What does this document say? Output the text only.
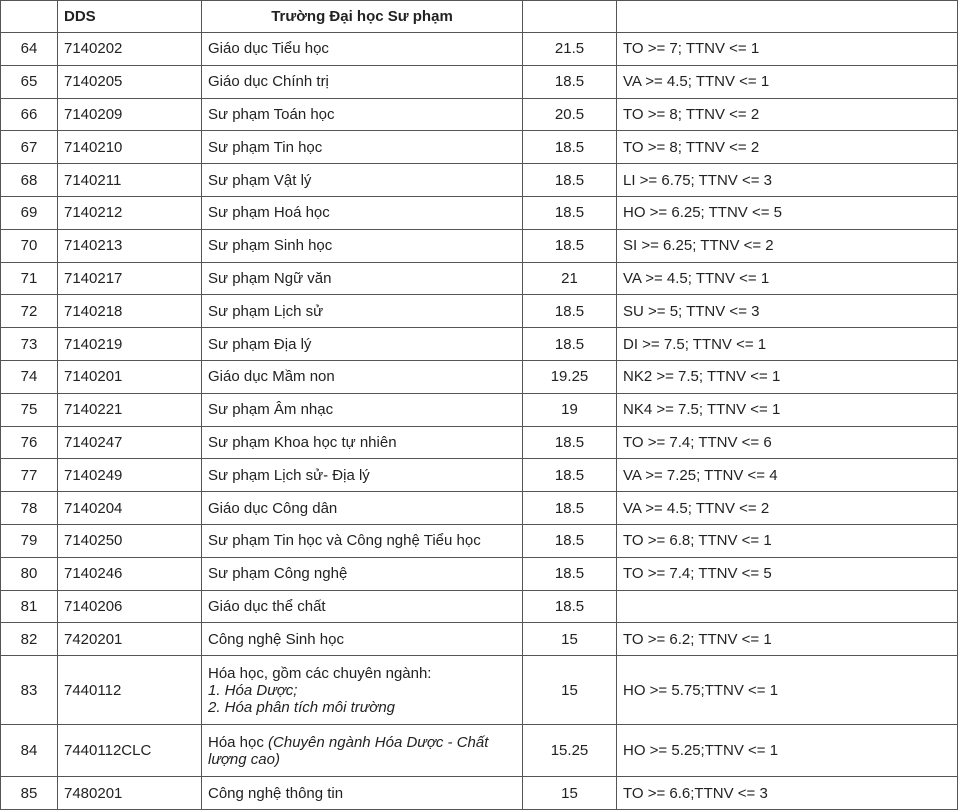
	DDS	Trường Đại học Sư phạm		
64	7140202	Giáo dục Tiểu học	21.5	TO >= 7; TTNV <= 1
65	7140205	Giáo dục Chính trị	18.5	VA >= 4.5; TTNV <= 1
66	7140209	Sư phạm Toán học	20.5	TO >= 8; TTNV <= 2
67	7140210	Sư phạm Tin học	18.5	TO >= 8; TTNV <= 2
68	7140211	Sư phạm Vật lý	18.5	LI >= 6.75; TTNV <= 3
69	7140212	Sư phạm Hoá học	18.5	HO >= 6.25; TTNV <= 5
70	7140213	Sư phạm Sinh học	18.5	SI >= 6.25; TTNV <= 2
71	7140217	Sư phạm Ngữ văn	21	VA >= 4.5; TTNV <= 1
72	7140218	Sư phạm Lịch sử	18.5	SU >= 5; TTNV <= 3
73	7140219	Sư phạm Địa lý	18.5	DI >= 7.5; TTNV <= 1
74	7140201	Giáo dục Mầm non	19.25	NK2 >= 7.5; TTNV <= 1
75	7140221	Sư phạm Âm nhạc	19	NK4 >= 7.5; TTNV <= 1
76	7140247	Sư phạm Khoa học tự nhiên	18.5	TO >= 7.4; TTNV <= 6
77	7140249	Sư phạm Lịch sử- Địa lý	18.5	VA >= 7.25; TTNV <= 4
78	7140204	Giáo dục Công dân	18.5	VA >= 4.5; TTNV <= 2
79	7140250	Sư phạm Tin học và Công nghệ Tiểu học	18.5	TO >= 6.8; TTNV <= 1
80	7140246	Sư phạm Công nghệ	18.5	TO >= 7.4; TTNV <= 5
81	7140206	Giáo dục thể chất	18.5	
82	7420201	Công nghệ Sinh học	15	TO >= 6.2; TTNV <= 1
83	7440112	Hóa học, gồm các chuyên ngành:
1. Hóa Dược;
2. Hóa phân tích môi trường	15	HO >= 5.75;TTNV <= 1
84	7440112CLC	Hóa học (Chuyên ngành Hóa Dược - Chất lượng cao)	15.25	HO >= 5.25;TTNV <= 1
85	7480201	Công nghệ thông tin	15	TO >= 6.6;TTNV <= 3
